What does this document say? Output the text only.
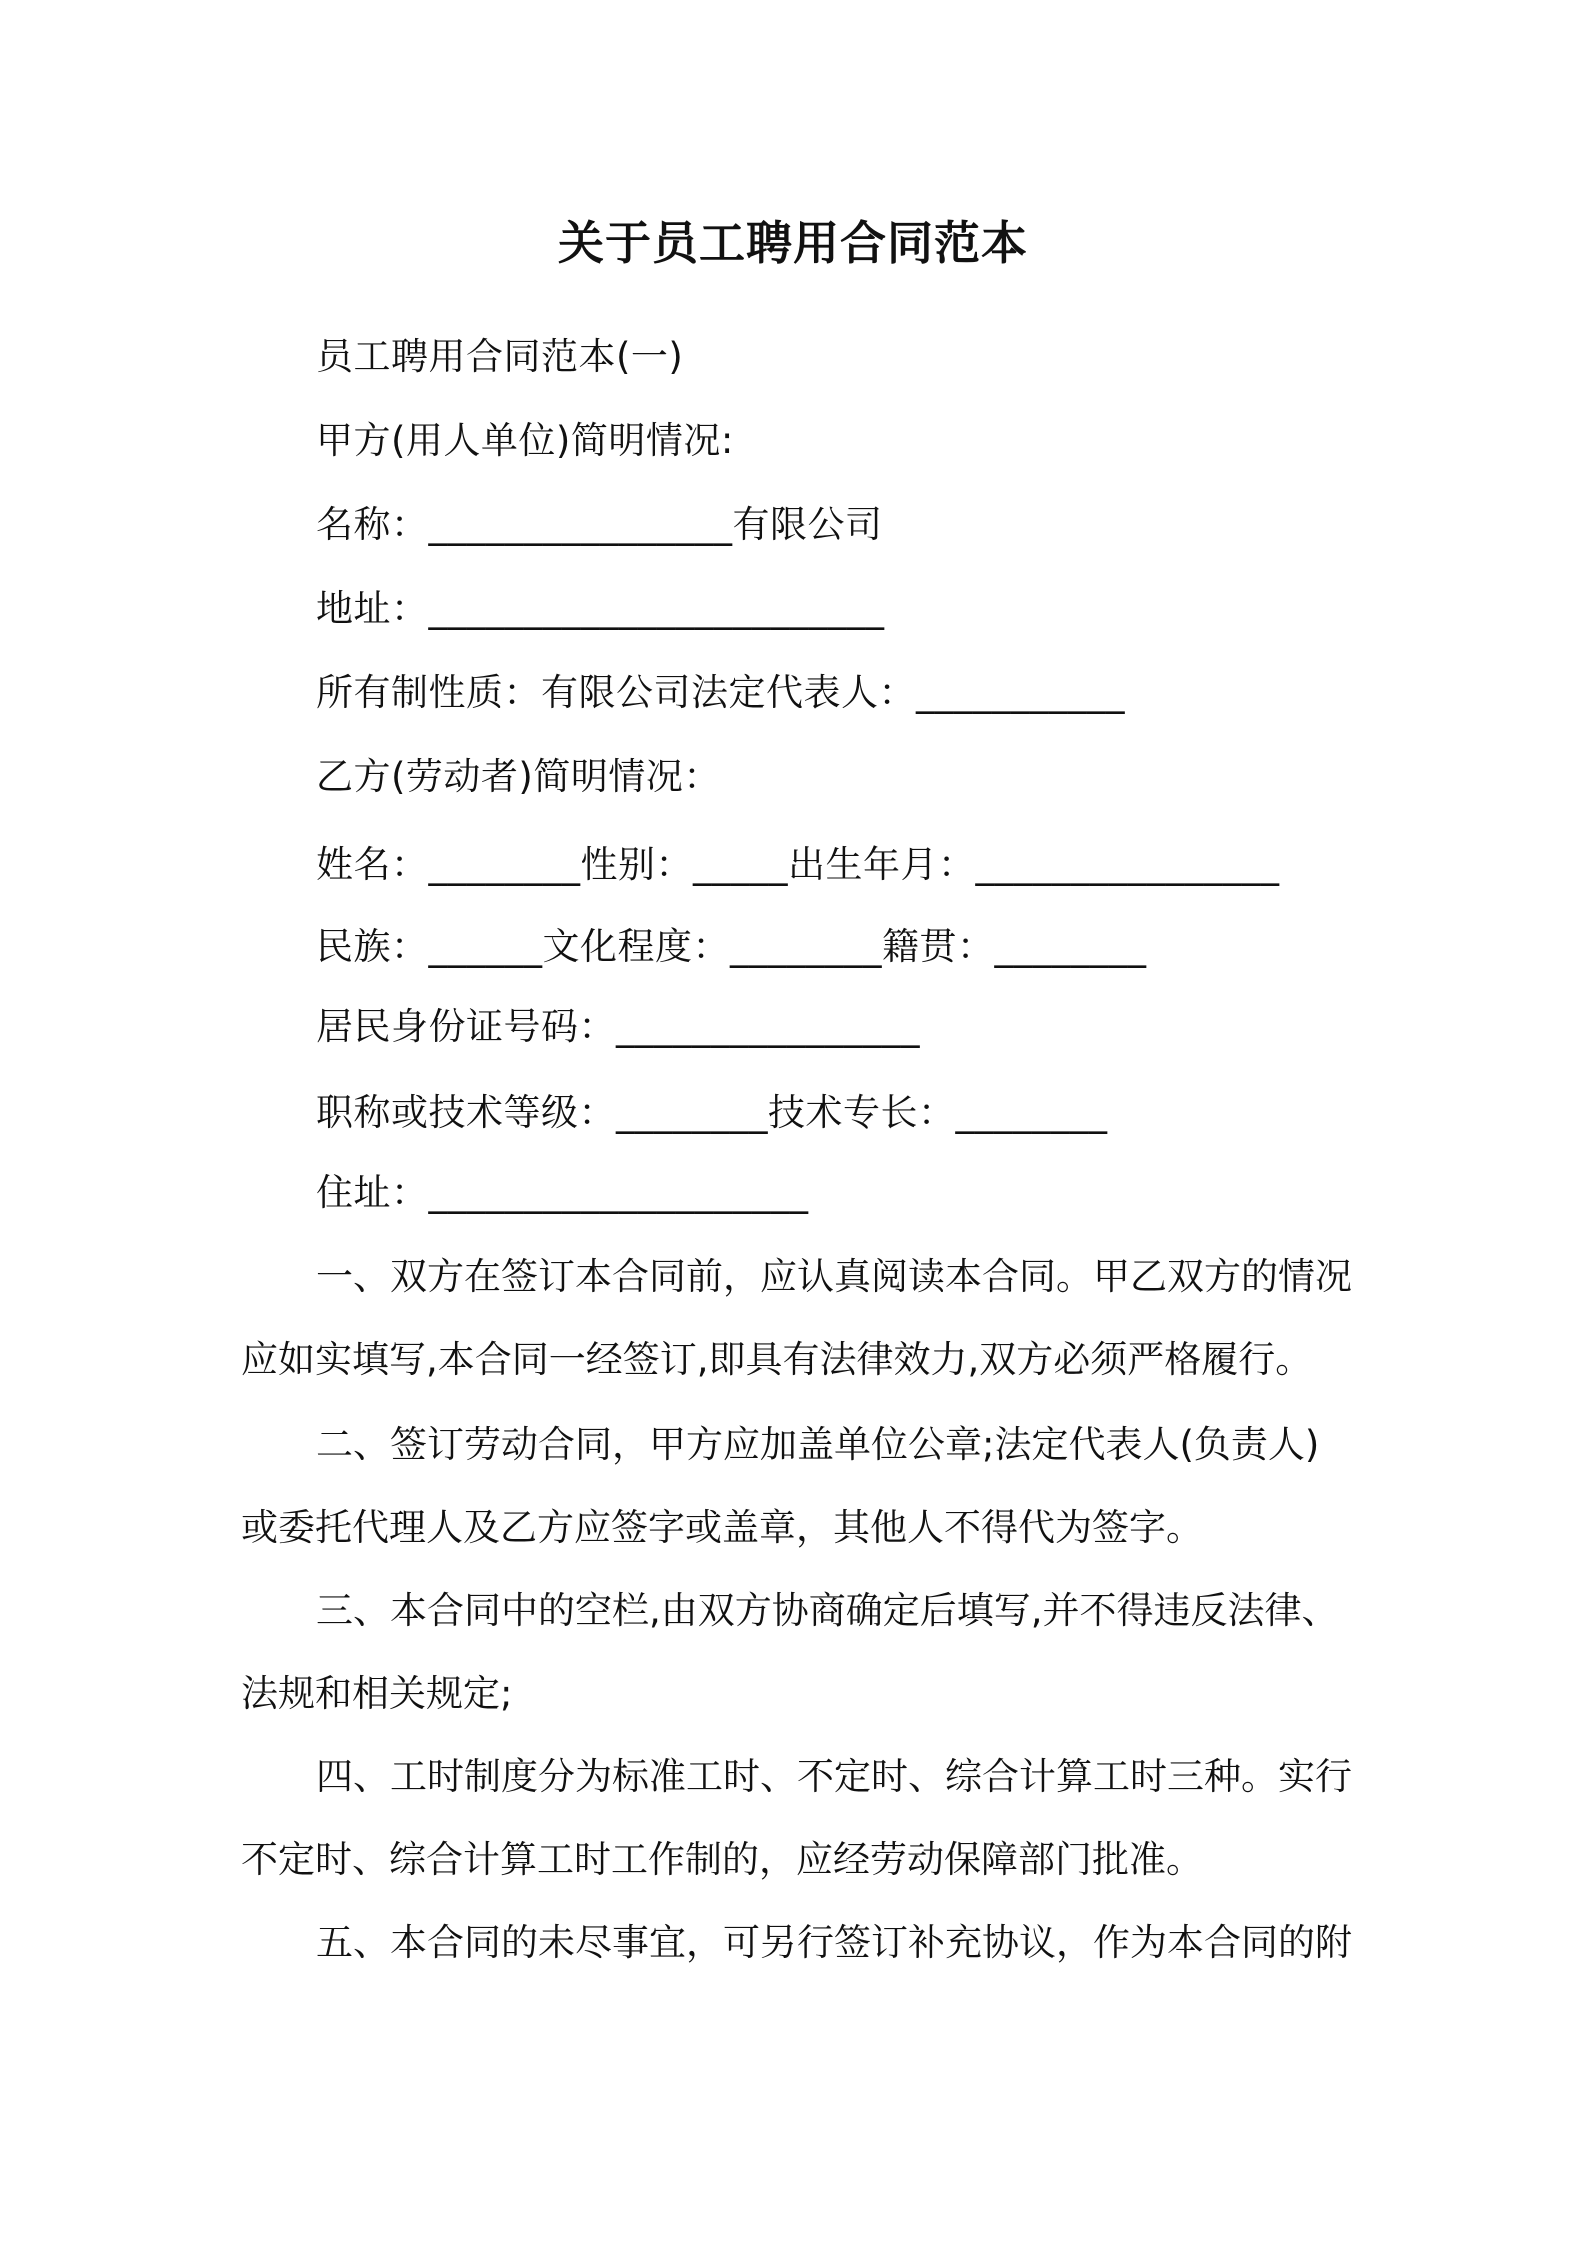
关于员工聘用合同范本
员工聘用合同范本(一)
甲方(用人单位)简明情况:
名称：________________有限公司
地址：________________________
所有制性质：有限公司法定代表人：___________
乙方(劳动者)简明情况：
姓名：________性别：_____出生年月：________________
民族：______文化程度：________籍贯：________
居民身份证号码：________________
职称或技术等级：________技术专长：________
住址：____________________
一、双方在签订本合同前，应认真阅读本合同。甲乙双方的情况
应如实填写,本合同一经签订,即具有法律效力,双方必须严格履行。
二、签订劳动合同，甲方应加盖单位公章;法定代表人(负责人)
或委托代理人及乙方应签字或盖章，其他人不得代为签字。
三、本合同中的空栏,由双方协商确定后填写,并不得违反法律、
法规和相关规定;
四、工时制度分为标准工时、不定时、综合计算工时三种。实行
不定时、综合计算工时工作制的，应经劳动保障部门批准。
五、本合同的未尽事宜，可另行签订补充协议，作为本合同的附
